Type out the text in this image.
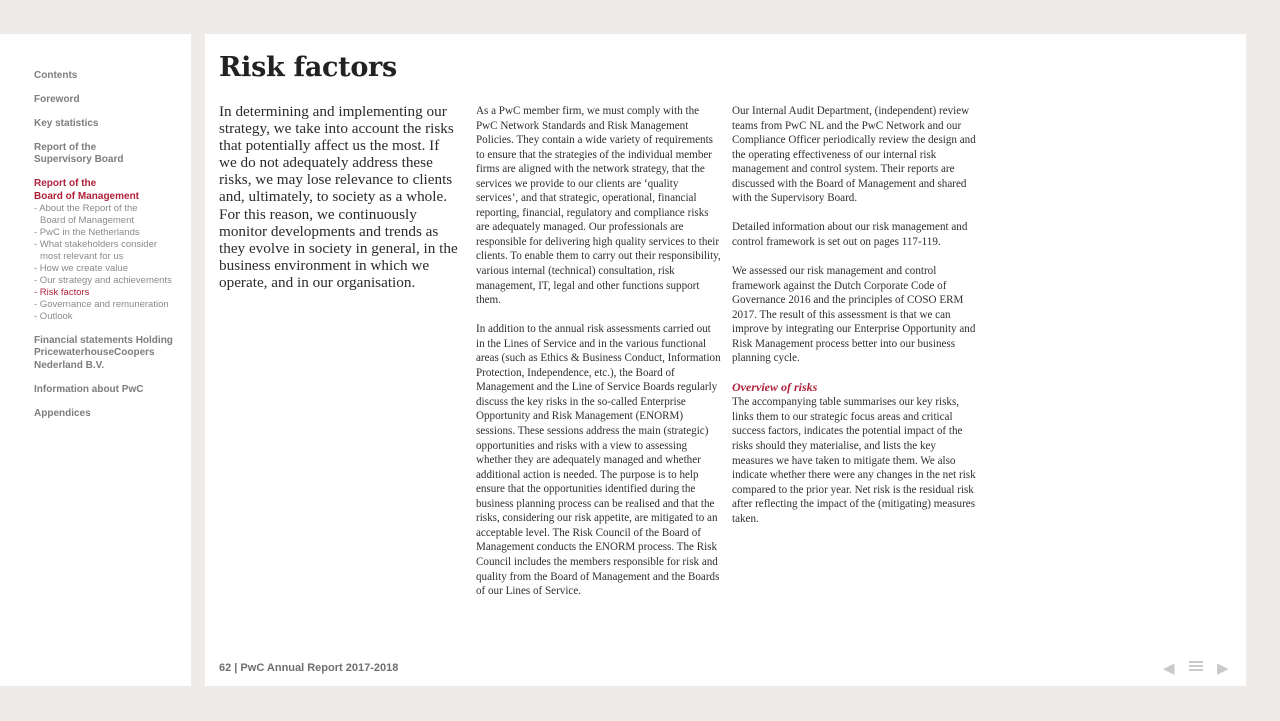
Contents
Foreword
Key statistics
Report of the
Supervisory Board
Report of the
Board of Management
- About the Report of the
Board of Management
- PwC in the Netherlands
- What stakeholders consider
most relevant for us
- How we create value
- Our strategy and achievements
- Risk factors
- Governance and remuneration
- Outlook
Financial statements Holding
PricewaterhouseCoopers
Nederland B.V.
Information about PwC
Appendices
Risk factors

In determining and implementing our strategy, we take into account the risks that potentially affect us the most. If we do not adequately address these risks, we may lose relevance to clients and, ultimately, to society as a whole. For this reason, we continuously monitor developments and trends as they evolve in society in general, in the business environment in which we operate, and in our organisation.

As a PwC member firm, we must comply with the PwC Network Standards and Risk Management Policies. They contain a wide variety of requirements to ensure that the strategies of the individual member firms are aligned with the network strategy, that the services we provide to our clients are ‘quality services’, and that strategic, operational, financial reporting, financial, regulatory and compliance risks are adequately managed. Our professionals are responsible for delivering high quality services to their clients. To enable them to carry out their responsibility, various internal (technical) consultation, risk management, IT, legal and other functions support them.

In addition to the annual risk assessments carried out in the Lines of Service and in the various functional areas (such as Ethics & Business Conduct, Information Protection, Independence, etc.), the Board of Management and the Line of Service Boards regularly discuss the key risks in the so-called Enterprise Opportunity and Risk Management (ENORM) sessions. These sessions address the main (strategic) opportunities and risks with a view to assessing whether they are adequately managed and whether additional action is needed. The purpose is to help ensure that the opportunities identified during the business planning process can be realised and that the risks, considering our risk appetite, are mitigated to an acceptable level. The Risk Council of the Board of Management conducts the ENORM process. The Risk Council includes the members responsible for risk and quality from the Board of Management and the Boards of our Lines of Service.

Our Internal Audit Department, (independent) review teams from PwC NL and the PwC Network and our Compliance Officer periodically review the design and the operating effectiveness of our internal risk management and control system. Their reports are discussed with the Board of Management and shared with the Supervisory Board.

Detailed information about our risk management and control framework is set out on pages 117-119.

We assessed our risk management and control framework against the Dutch Corporate Code of Governance 2016 and the principles of COSO ERM 2017. The result of this assessment is that we can improve by integrating our Enterprise Opportunity and Risk Management process better into our business planning cycle.

Overview of risks

The accompanying table summarises our key risks, links them to our strategic focus areas and critical success factors, indicates the potential impact of the risks should they materialise, and lists the key measures we have taken to mitigate them. We also indicate whether there were any changes in the net risk compared to the prior year. Net risk is the residual risk after reflecting the impact of the (mitigating) measures taken.

62 | PwC Annual Report 2017-2018	◀	▶
